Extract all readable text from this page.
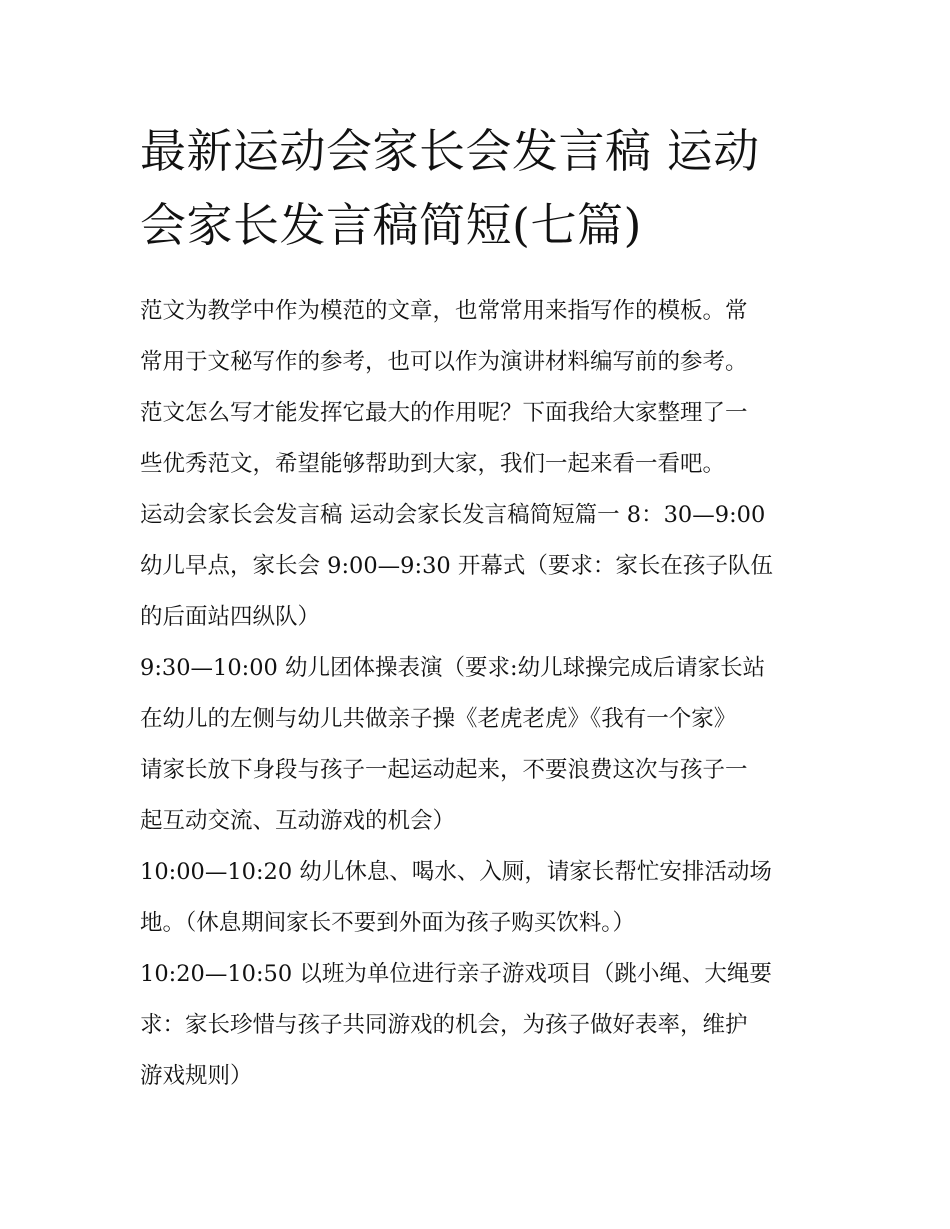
最新运动会家长会发言稿 运动
会家长发言稿简短(七篇)
范文为教学中作为模范的文章，也常常用来指写作的模板。常
常用于文秘写作的参考，也可以作为演讲材料编写前的参考。
范文怎么写才能发挥它最大的作用呢？下面我给大家整理了一
些优秀范文，希望能够帮助到大家，我们一起来看一看吧。
运动会家长会发言稿 运动会家长发言稿简短篇一 8：30—9:00
幼儿早点，家长会 9:00—9:30 开幕式（要求：家长在孩子队伍
的后面站四纵队）
9:30—10:00 幼儿团体操表演（要求:幼儿球操完成后请家长站
在幼儿的左侧与幼儿共做亲子操《老虎老虎》《我有一个家》
请家长放下身段与孩子一起运动起来，不要浪费这次与孩子一
起互动交流、互动游戏的机会）
10:00—10:20 幼儿休息、喝水、入厕，请家长帮忙安排活动场
地。（休息期间家长不要到外面为孩子购买饮料。）
10:20—10:50 以班为单位进行亲子游戏项目（跳小绳、大绳要
求：家长珍惜与孩子共同游戏的机会，为孩子做好表率，维护
游戏规则）
